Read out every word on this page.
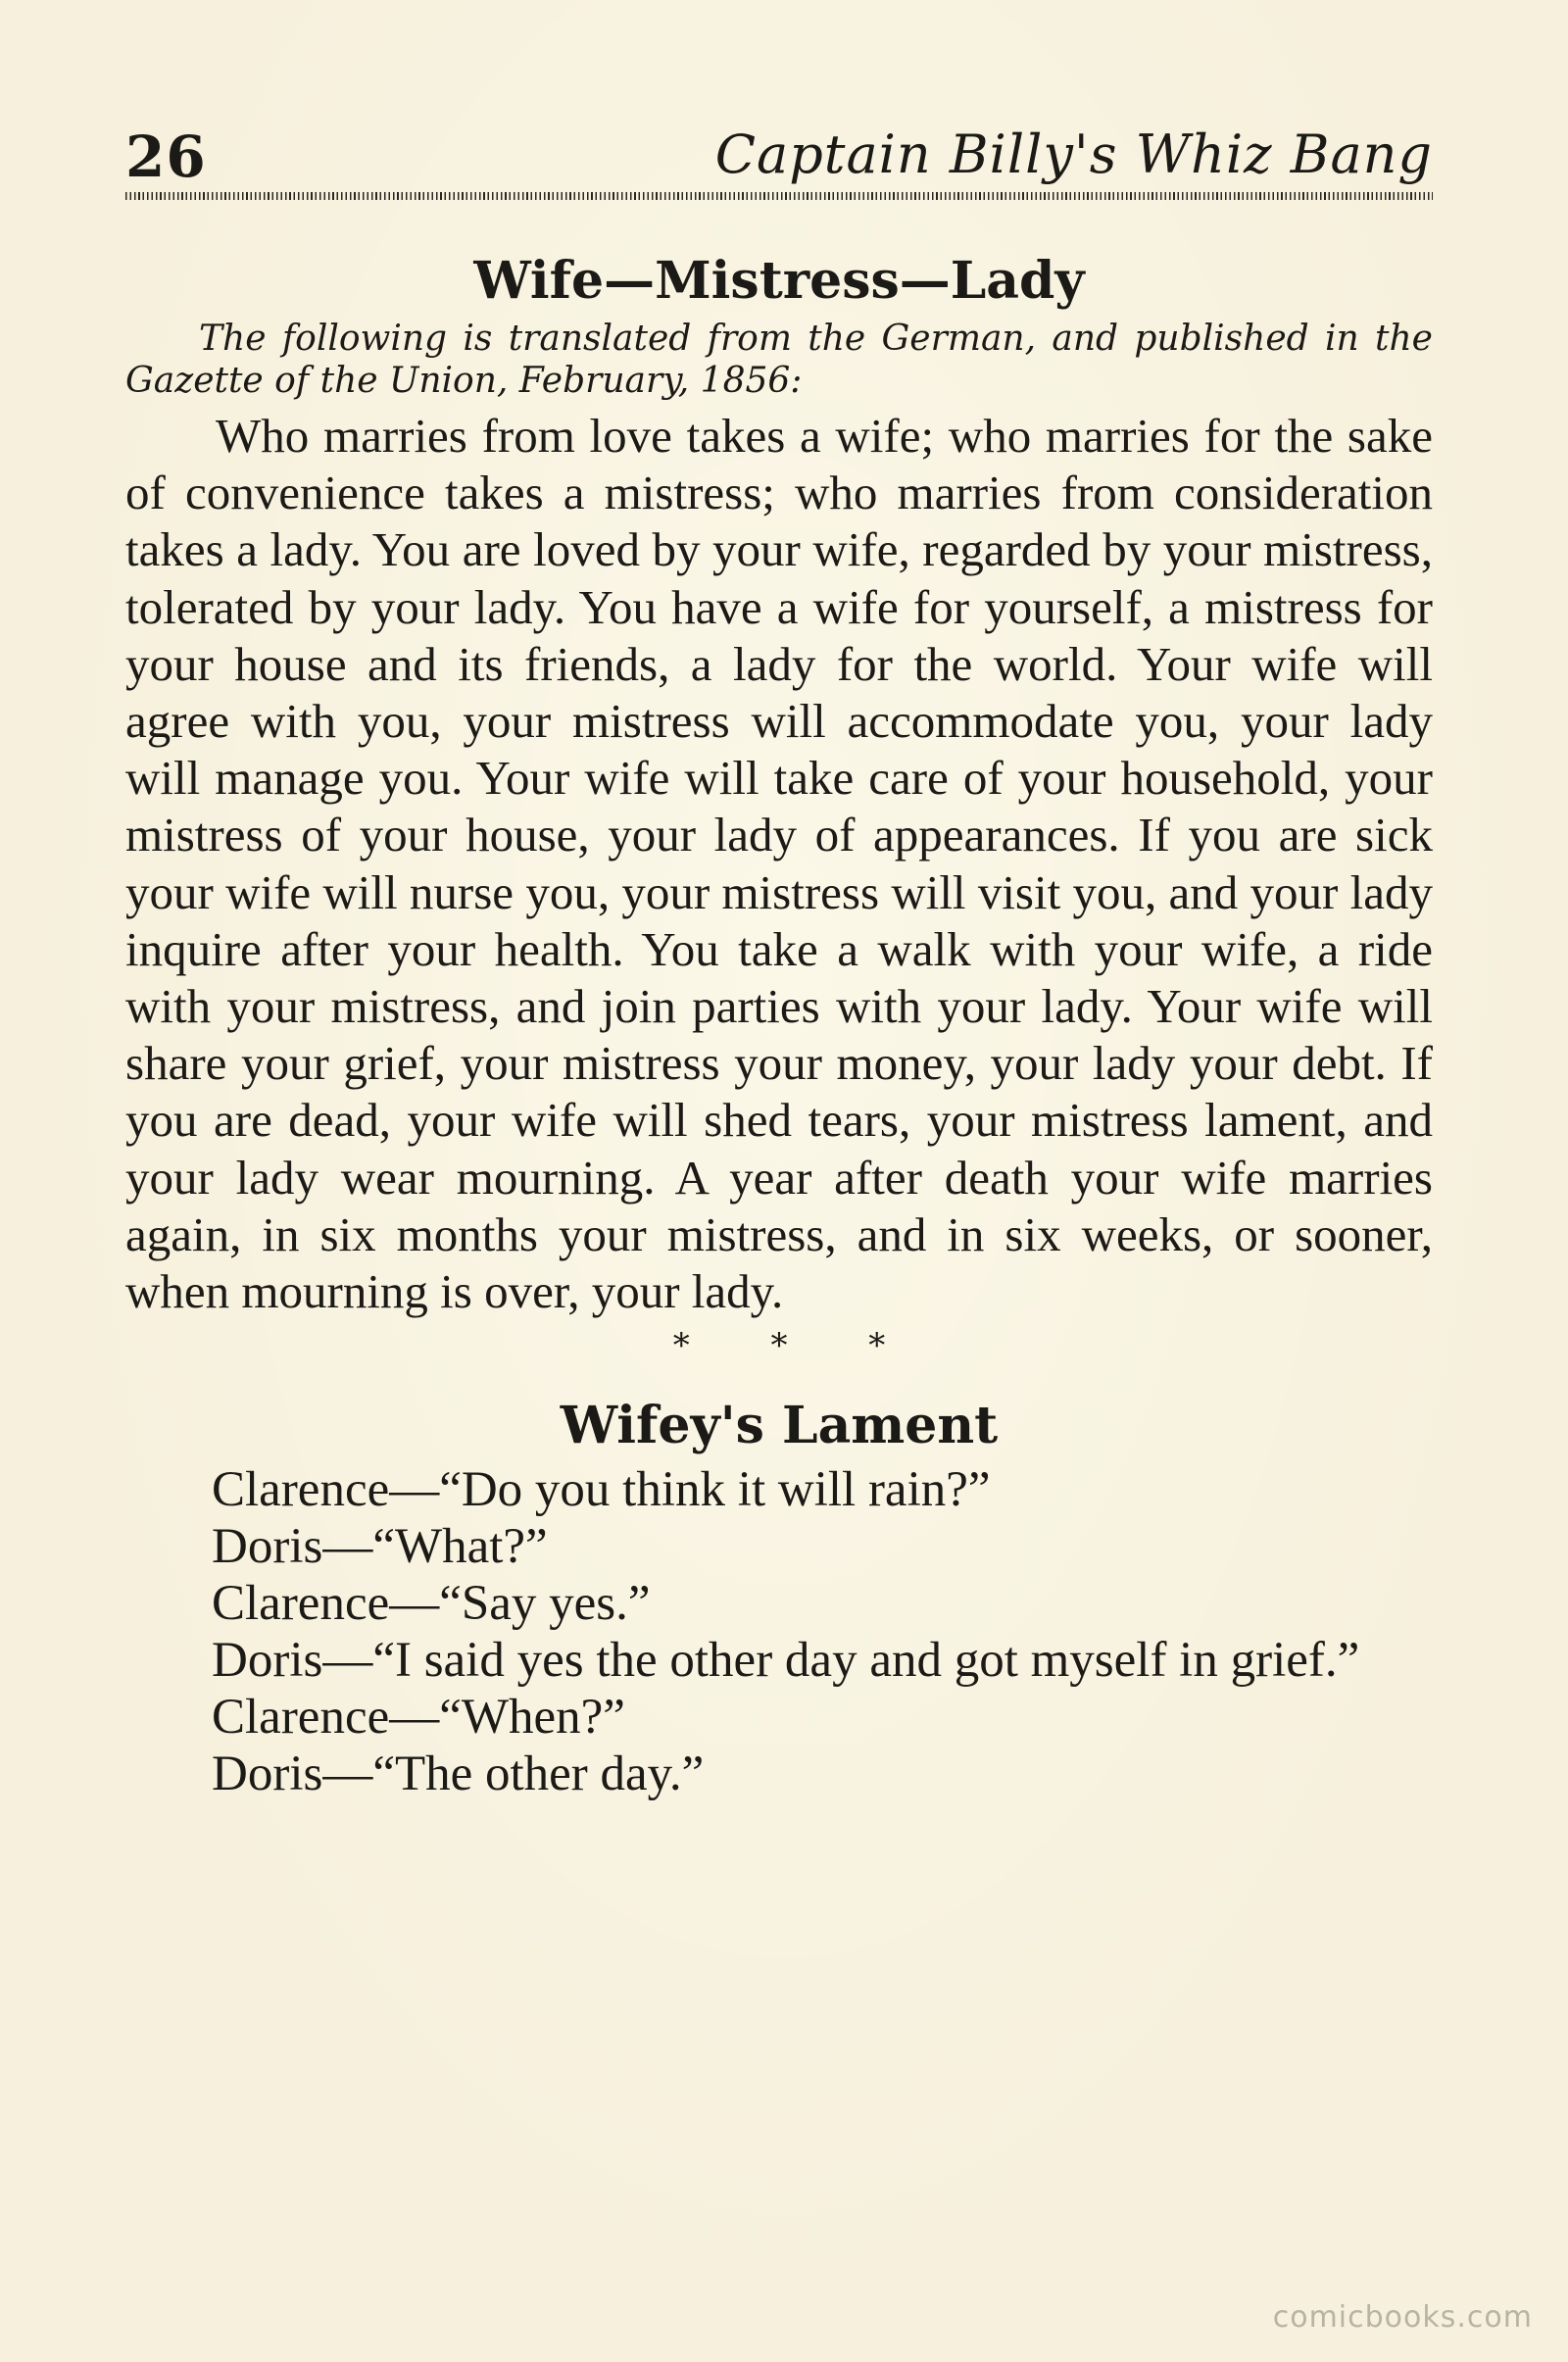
26	Captain Billy's Whiz Bang
Wife—Mistress—Lady

The following is translated from the German, and published in the Gazette of the Union, February, 1856:

Who marries from love takes a wife; who marries for the sake of convenience takes a mistress; who marries from consideration takes a lady. You are loved by your wife, regarded by your mistress, tolerated by your lady. You have a wife for yourself, a mistress for your house and its friends, a lady for the world. Your wife will agree with you, your mistress will accommodate you, your lady will manage you. Your wife will take care of your household, your mistress of your house, your lady of appearances. If you are sick your wife will nurse you, your mistress will visit you, and your lady inquire after your health. You take a walk with your wife, a ride with your mistress, and join parties with your lady. Your wife will share your grief, your mistress your money, your lady your debt. If you are dead, your wife will shed tears, your mistress lament, and your lady wear mourning. A year after death your wife marries again, in six months your mistress, and in six weeks, or sooner, when mourning is over, your lady.

* * *
Wifey's Lament
Clarence—“Do you think it will rain?”
Doris—“What?”
Clarence—“Say yes.”
Doris—“I said yes the other day and got myself in grief.”
Clarence—“When?”
Doris—“The other day.”
comicbooks.com
